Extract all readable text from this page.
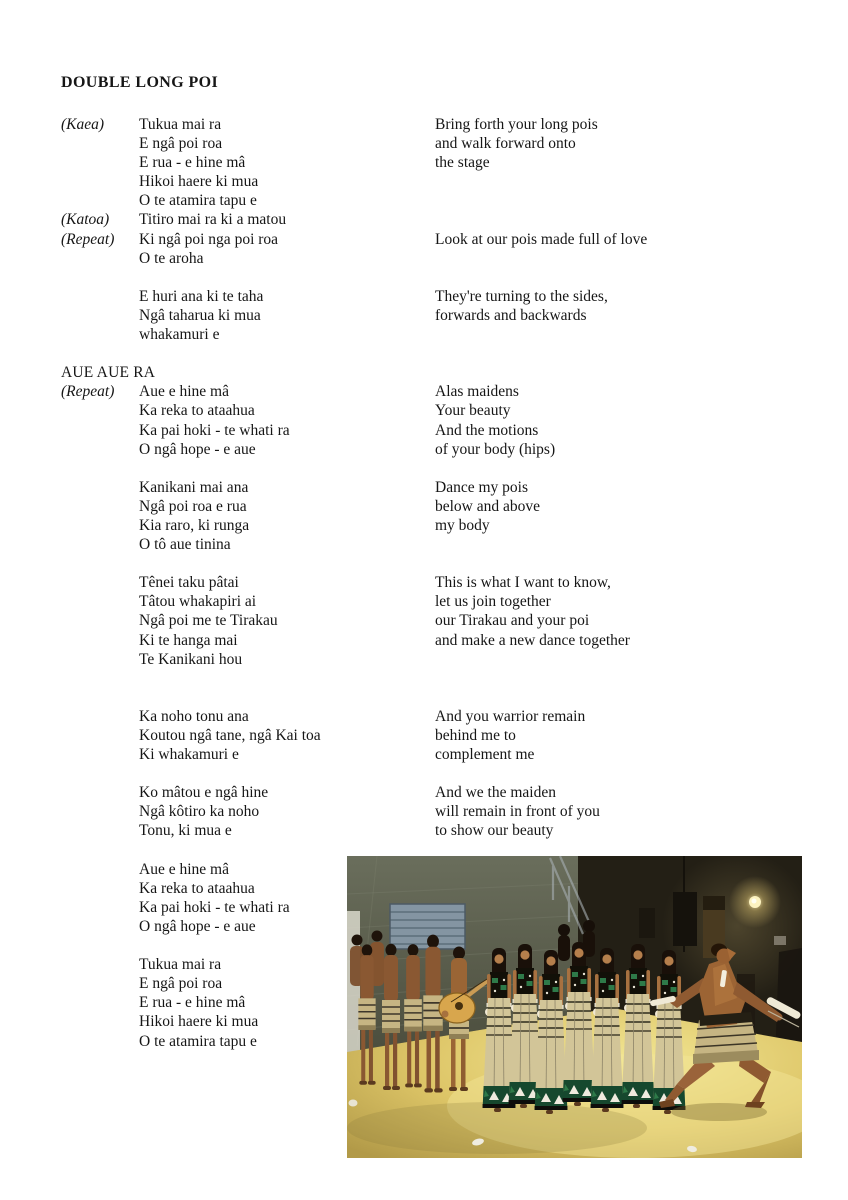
DOUBLE LONG POI
(Kaea)	Tukua mai ra	Bring forth your long pois
E ngâ poi roa	and walk forward onto
E rua - e hine mâ	the stage
Hikoi haere ki mua
O te atamira tapu e
(Katoa)	Titiro mai ra ki a matou
(Repeat)	Ki ngâ poi nga poi roa	Look at our pois made full of love
O te aroha
E huri ana ki te taha	They're turning to the sides,
Ngâ taharua ki mua	forwards and backwards
whakamuri e
AUE AUE RA
(Repeat)	Aue e hine mâ	Alas maidens
Ka reka to ataahua	Your beauty
Ka pai hoki - te whati ra	And the motions
O ngâ hope - e aue	of your body (hips)
Kanikani mai ana	Dance my pois
Ngâ poi roa e rua	below and above
Kia raro, ki runga	my body
O tô aue tinina
Tênei taku pâtai	This is what I want to know,
Tâtou whakapiri ai	let us join together
Ngâ poi me te Tirakau	our Tirakau and your poi
Ki te hanga mai	and make a new dance together
Te Kanikani hou
Ka noho tonu ana	And you warrior remain
Koutou ngâ tane, ngâ Kai toa	behind me to
Ki whakamuri e	complement me
Ko mâtou e ngâ hine	And we the maiden
Ngâ kôtiro ka noho	will remain in front of you
Tonu, ki mua e	to show our beauty
Aue e hine mâ
Ka reka to ataahua
Ka pai hoki - te whati ra
O ngâ hope - e aue
Tukua mai ra
E ngâ poi roa
E rua - e hine mâ
Hikoi haere ki mua
O te atamira tapu e
